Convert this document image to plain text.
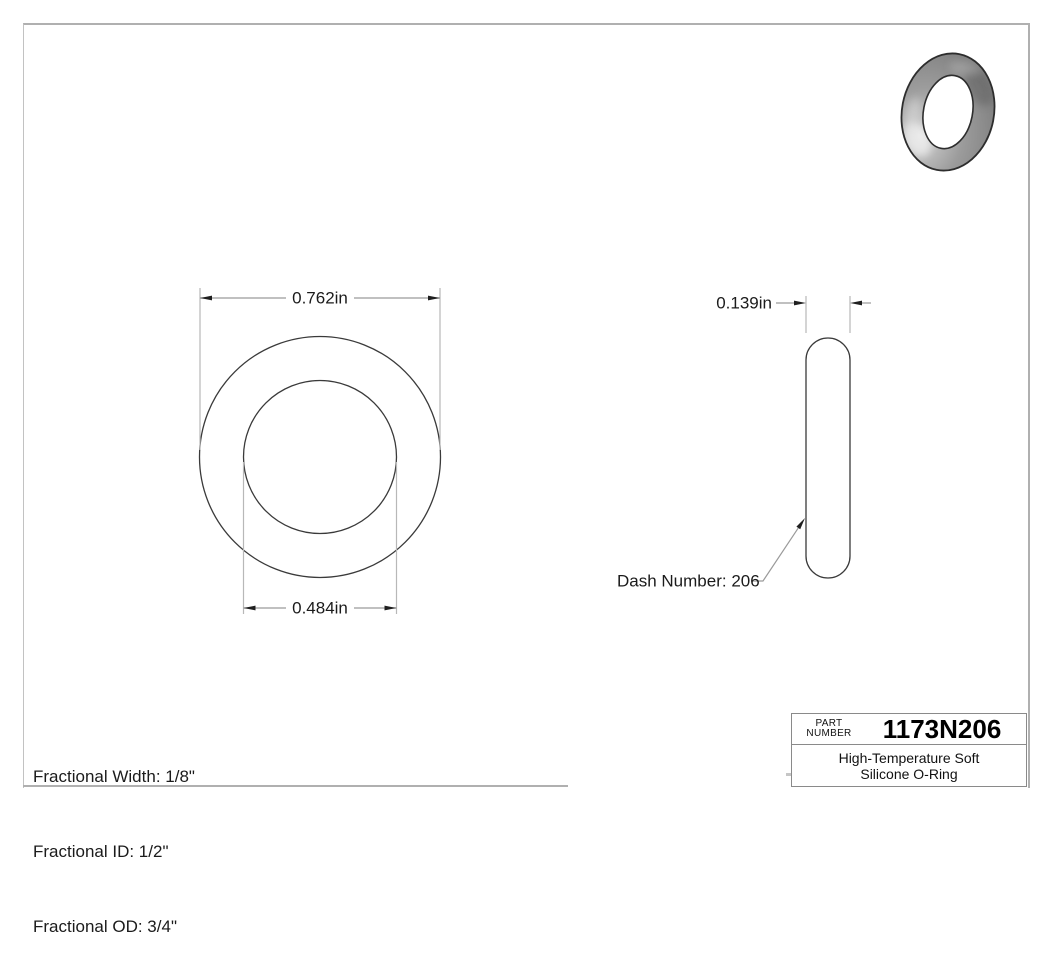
0.762in
0.484in
0.139in
Dash Number: 206

Fractional Width: 1/8"

Fractional ID: 1/2"

Fractional OD: 3/4"

PART
NUMBER	1173N206
High-Temperature Soft
Silicone O-Ring
